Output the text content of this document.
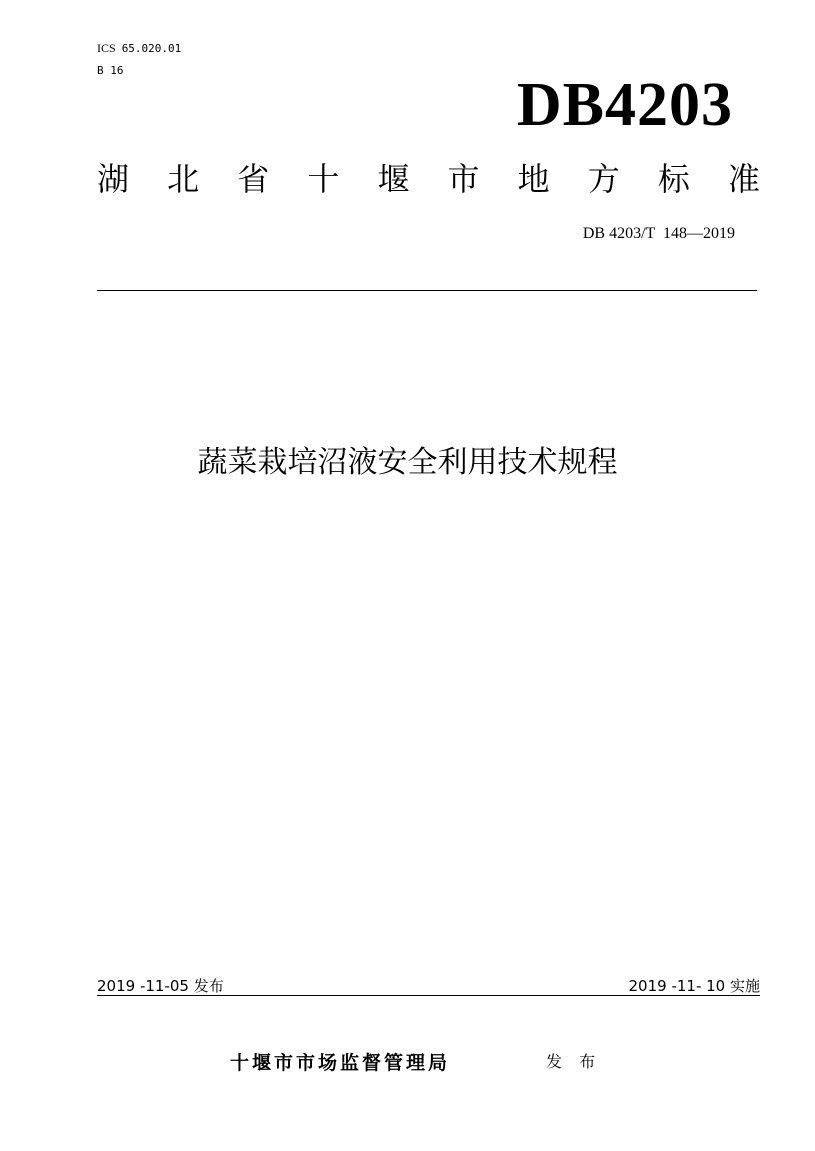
ICS 65.020.01
B 16
DB4203
湖 北 省 十 堰 市 地 方 标 准
DB 4203/T  148—2019
蔬菜栽培沼液安全利用技术规程
2019 -11-05 发布	2019 -11- 10 实施
十堰市市场监督管理局	发 布
